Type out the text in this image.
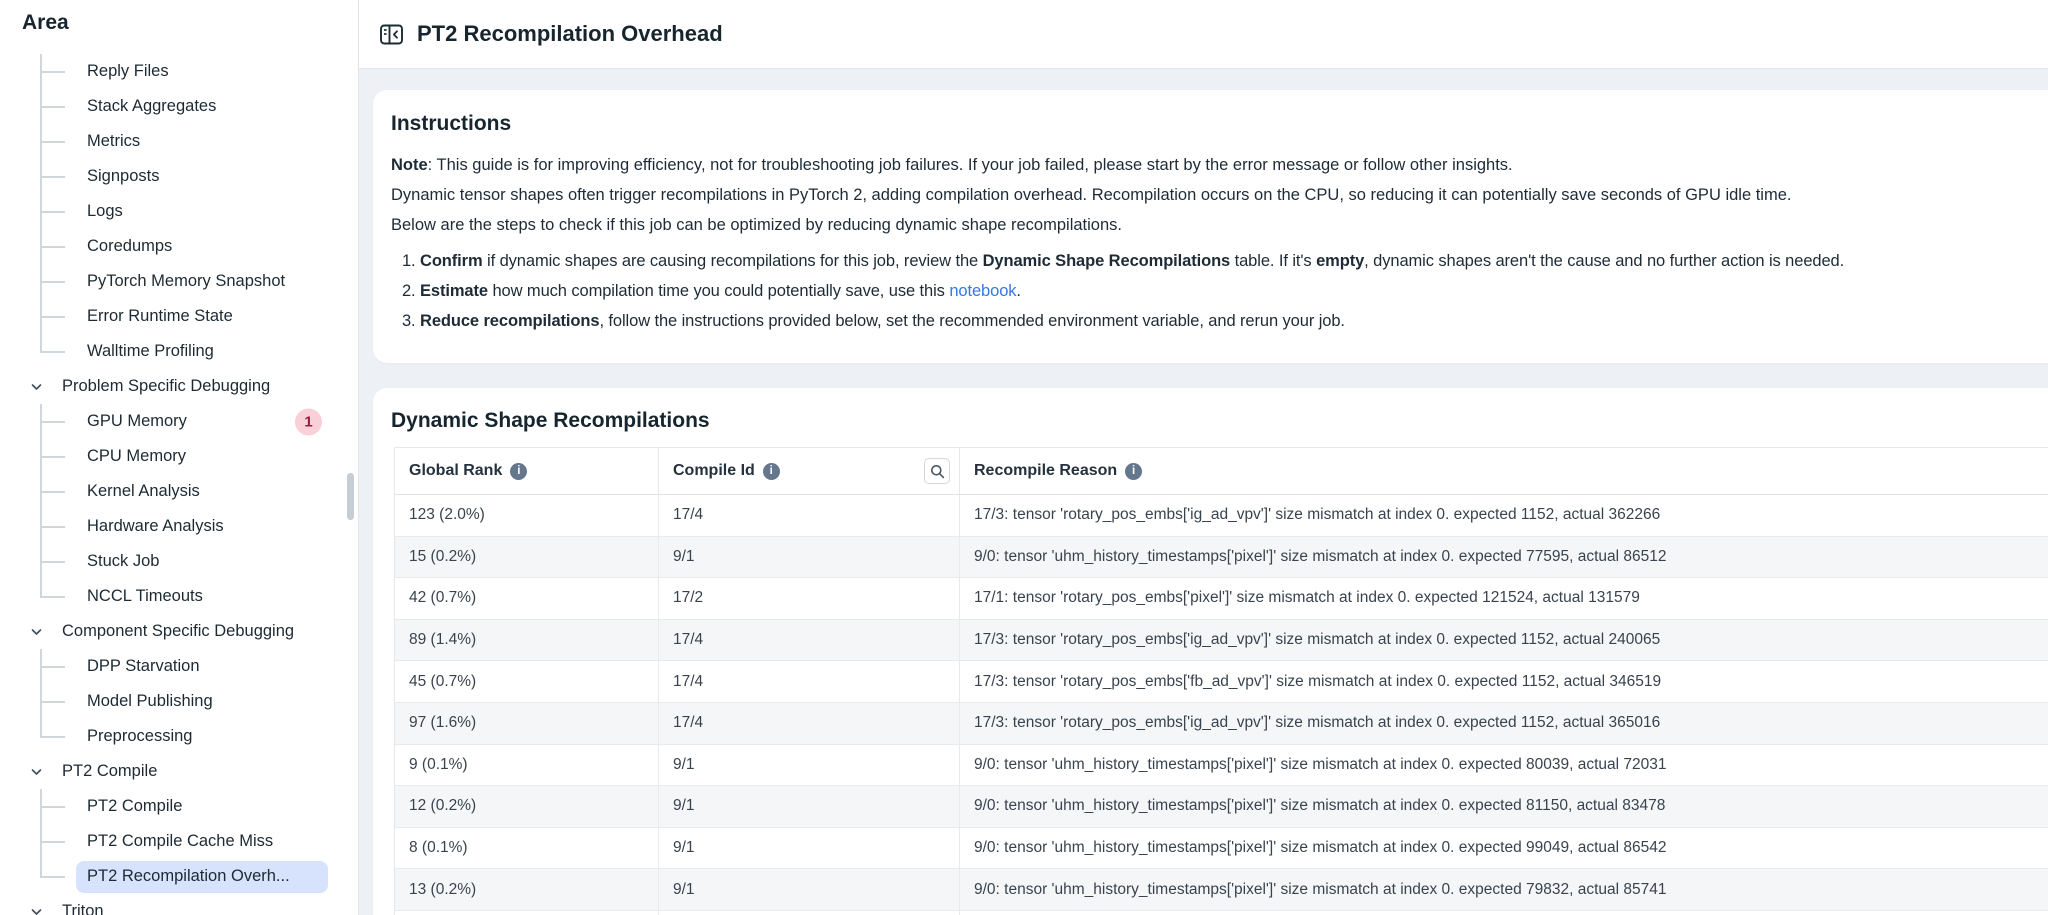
Area
Reply Files
Stack Aggregates
Metrics
Signposts
Logs
Coredumps
PyTorch Memory Snapshot
Error Runtime State
Walltime Profiling
Problem Specific Debugging
GPU Memory	1
CPU Memory
Kernel Analysis
Hardware Analysis
Stuck Job
NCCL Timeouts
Component Specific Debugging
DPP Starvation
Model Publishing
Preprocessing
PT2 Compile
PT2 Compile
PT2 Compile Cache Miss
PT2 Recompilation Overh...
Triton
PT2 Recompilation Overhead
Instructions
Note: This guide is for improving efficiency, not for troubleshooting job failures. If your job failed, please start by the error message or follow other insights.
Dynamic tensor shapes often trigger recompilations in PyTorch 2, adding compilation overhead. Recompilation occurs on the CPU, so reducing it can potentially save seconds of GPU idle time.
Below are the steps to check if this job can be optimized by reducing dynamic shape recompilations.
1. Confirm if dynamic shapes are causing recompilations for this job, review the Dynamic Shape Recompilations table. If it's empty, dynamic shapes aren't the cause and no further action is needed.
2. Estimate how much compilation time you could potentially save, use this notebook.
3. Reduce recompilations, follow the instructions provided below, set the recommended environment variable, and rerun your job.
Dynamic Shape Recompilations
Global Rank i	Compile Id i	Recompile Reason
i
123 (2.0%)	17/4	17/3: tensor 'rotary_pos_embs['ig_ad_vpv']' size mismatch at index 0. expected 1152, actual 362266
15 (0.2%)	9/1	9/0: tensor 'uhm_history_timestamps['pixel']' size mismatch at index 0. expected 77595, actual 86512
42 (0.7%)	17/2	17/1: tensor 'rotary_pos_embs['pixel']' size mismatch at index 0. expected 121524, actual 131579
89 (1.4%)	17/4	17/3: tensor 'rotary_pos_embs['ig_ad_vpv']' size mismatch at index 0. expected 1152, actual 240065
45 (0.7%)	17/4	17/3: tensor 'rotary_pos_embs['fb_ad_vpv']' size mismatch at index 0. expected 1152, actual 346519
97 (1.6%)	17/4	17/3: tensor 'rotary_pos_embs['ig_ad_vpv']' size mismatch at index 0. expected 1152, actual 365016
9 (0.1%)	9/1	9/0: tensor 'uhm_history_timestamps['pixel']' size mismatch at index 0. expected 80039, actual 72031
12 (0.2%)	9/1	9/0: tensor 'uhm_history_timestamps['pixel']' size mismatch at index 0. expected 81150, actual 83478
8 (0.1%)	9/1	9/0: tensor 'uhm_history_timestamps['pixel']' size mismatch at index 0. expected 99049, actual 86542
13 (0.2%)	9/1	9/0: tensor 'uhm_history_timestamps['pixel']' size mismatch at index 0. expected 79832, actual 85741
